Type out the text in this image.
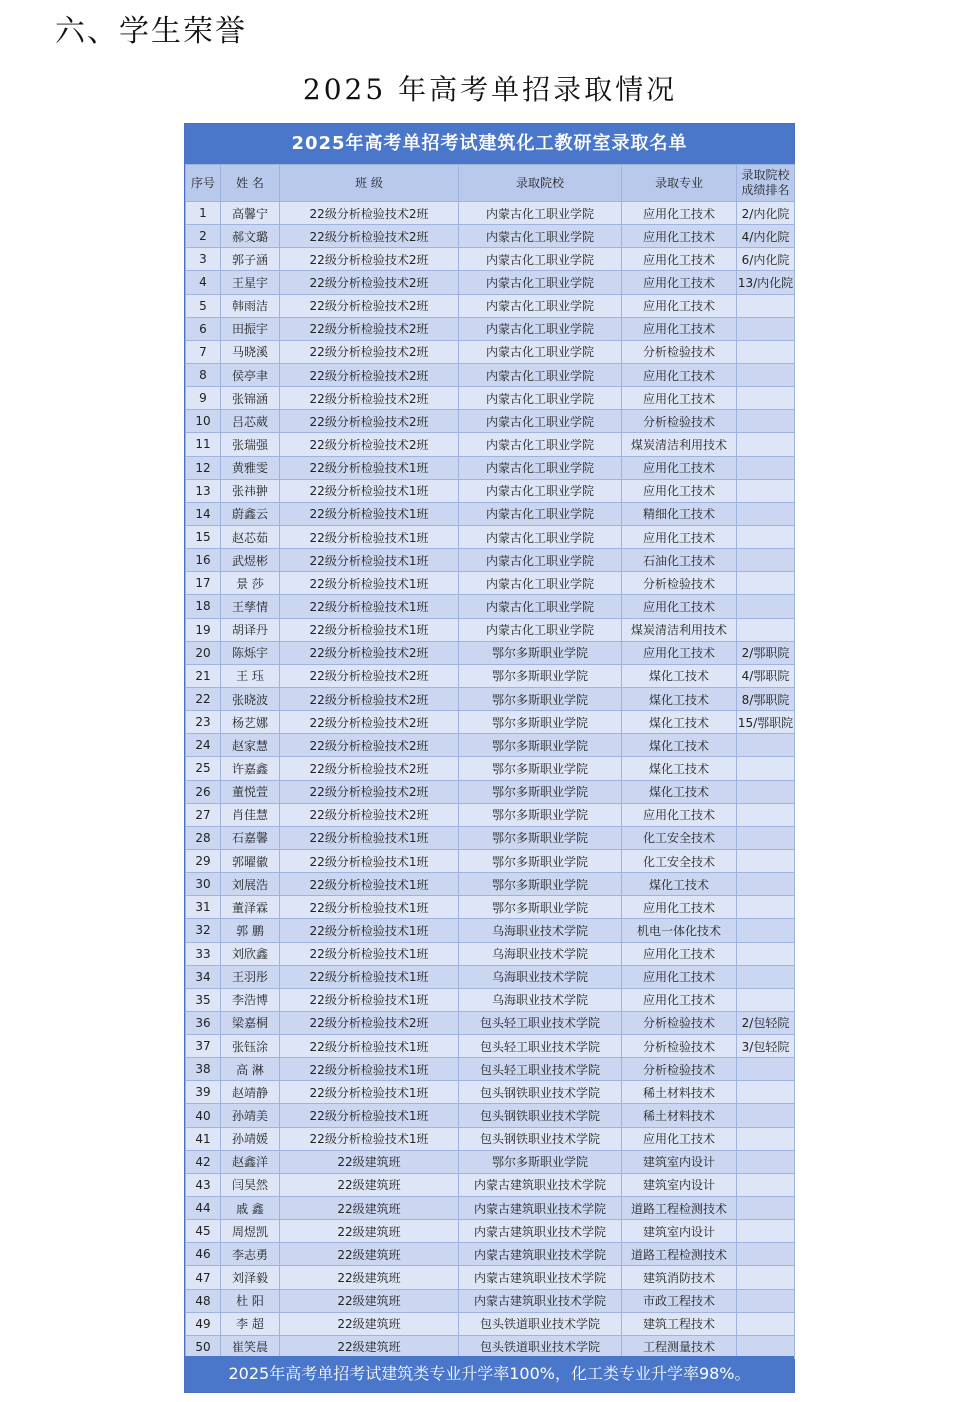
六、学生荣誉
2025 年高考单招录取情况
2025年高考单招考试建筑化工教研室录取名单
序号	姓 名	班 级	录取院校	录取专业	录取院校
成绩排名
1	高馨宁	22级分析检验技术2班	内蒙古化工职业学院	应用化工技术	2/内化院
2	郝文璐	22级分析检验技术2班	内蒙古化工职业学院	应用化工技术	4/内化院
3	郭子涵	22级分析检验技术2班	内蒙古化工职业学院	应用化工技术	6/内化院
4	王星宇	22级分析检验技术2班	内蒙古化工职业学院	应用化工技术	13/内化院
5	韩雨洁	22级分析检验技术2班	内蒙古化工职业学院	应用化工技术	
6	田振宇	22级分析检验技术2班	内蒙古化工职业学院	应用化工技术	
7	马晓溪	22级分析检验技术2班	内蒙古化工职业学院	分析检验技术	
8	侯亭聿	22级分析检验技术2班	内蒙古化工职业学院	应用化工技术	
9	张锦涵	22级分析检验技术2班	内蒙古化工职业学院	应用化工技术	
10	吕芯葳	22级分析检验技术2班	内蒙古化工职业学院	分析检验技术	
11	张瑞强	22级分析检验技术2班	内蒙古化工职业学院	煤炭清洁利用技术	
12	黄雅雯	22级分析检验技术1班	内蒙古化工职业学院	应用化工技术	
13	张祎翀	22级分析检验技术1班	内蒙古化工职业学院	应用化工技术	
14	蔚鑫云	22级分析检验技术1班	内蒙古化工职业学院	精细化工技术	
15	赵芯茹	22级分析检验技术1班	内蒙古化工职业学院	应用化工技术	
16	武煜彬	22级分析检验技术1班	内蒙古化工职业学院	石油化工技术	
17	景 莎	22级分析检验技术1班	内蒙古化工职业学院	分析检验技术	
18	王孳情	22级分析检验技术1班	内蒙古化工职业学院	应用化工技术	
19	胡译丹	22级分析检验技术1班	内蒙古化工职业学院	煤炭清洁利用技术	
20	陈烁宇	22级分析检验技术2班	鄂尔多斯职业学院	应用化工技术	2/鄂职院
21	王 珏	22级分析检验技术2班	鄂尔多斯职业学院	煤化工技术	4/鄂职院
22	张晓波	22级分析检验技术2班	鄂尔多斯职业学院	煤化工技术	8/鄂职院
23	杨艺娜	22级分析检验技术2班	鄂尔多斯职业学院	煤化工技术	15/鄂职院
24	赵家慧	22级分析检验技术2班	鄂尔多斯职业学院	煤化工技术	
25	许嘉鑫	22级分析检验技术2班	鄂尔多斯职业学院	煤化工技术	
26	董悦萱	22级分析检验技术2班	鄂尔多斯职业学院	煤化工技术	
27	肖佳慧	22级分析检验技术2班	鄂尔多斯职业学院	应用化工技术	
28	石嘉馨	22级分析检验技术1班	鄂尔多斯职业学院	化工安全技术	
29	郭曜徽	22级分析检验技术1班	鄂尔多斯职业学院	化工安全技术	
30	刘展浩	22级分析检验技术1班	鄂尔多斯职业学院	煤化工技术	
31	董泽霖	22级分析检验技术1班	鄂尔多斯职业学院	应用化工技术	
32	郭 鹏	22级分析检验技术1班	乌海职业技术学院	机电一体化技术	
33	刘欣鑫	22级分析检验技术1班	乌海职业技术学院	应用化工技术	
34	王羽彤	22级分析检验技术1班	乌海职业技术学院	应用化工技术	
35	李浩博	22级分析检验技术1班	乌海职业技术学院	应用化工技术	
36	梁嘉桐	22级分析检验技术2班	包头轻工职业技术学院	分析检验技术	2/包轻院
37	张钰涂	22级分析检验技术1班	包头轻工职业技术学院	分析检验技术	3/包轻院
38	高 淋	22级分析检验技术1班	包头轻工职业技术学院	分析检验技术	
39	赵靖静	22级分析检验技术1班	包头钢铁职业技术学院	稀土材料技术	
40	孙靖美	22级分析检验技术1班	包头钢铁职业技术学院	稀土材料技术	
41	孙靖媛	22级分析检验技术1班	包头钢铁职业技术学院	应用化工技术	
42	赵鑫洋	22级建筑班	鄂尔多斯职业学院	建筑室内设计	
43	闫昊然	22级建筑班	内蒙古建筑职业技术学院	建筑室内设计	
44	戚 鑫	22级建筑班	内蒙古建筑职业技术学院	道路工程检测技术	
45	周煜凯	22级建筑班	内蒙古建筑职业技术学院	建筑室内设计	
46	李志勇	22级建筑班	内蒙古建筑职业技术学院	道路工程检测技术	
47	刘泽毅	22级建筑班	内蒙古建筑职业技术学院	建筑消防技术	
48	杜 阳	22级建筑班	内蒙古建筑职业技术学院	市政工程技术	
49	李 超	22级建筑班	包头铁道职业技术学院	建筑工程技术	
50	崔笑晨	22级建筑班	包头铁道职业技术学院	工程测量技术	
2025年高考单招考试建筑类专业升学率100%，化工类专业升学率98%。
